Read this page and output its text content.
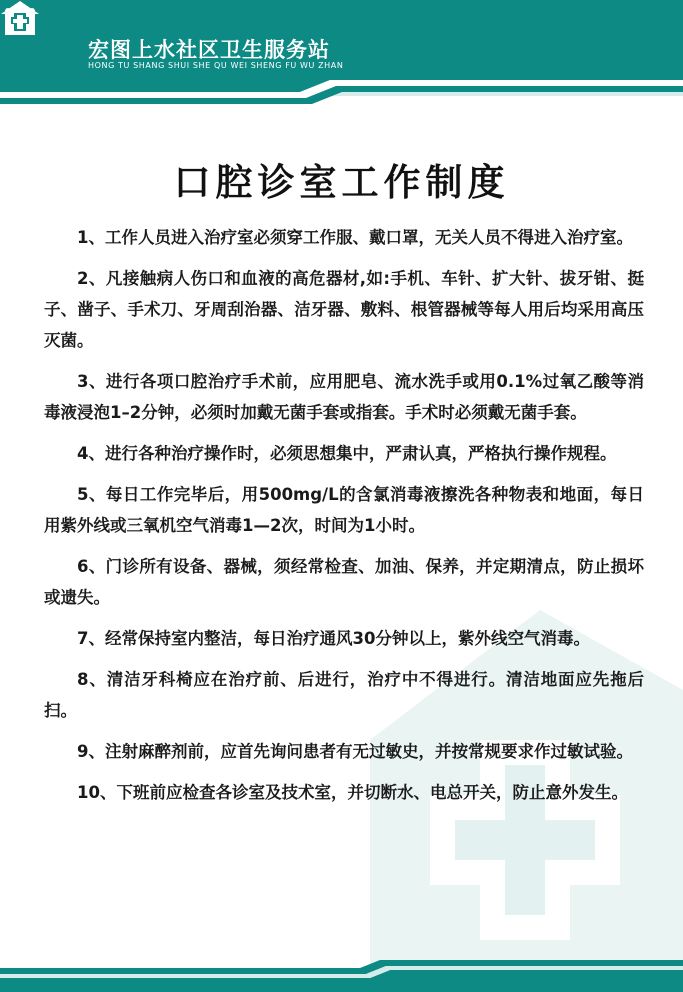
宏图上水社区卫生服务站
HONG TU SHANG SHUI SHE QU WEI SHENG FU WU ZHAN
口腔诊室工作制度

1、工作人员进入治疗室必须穿工作服、戴口罩，无关人员不得进入治疗室。

2、凡接触病人伤口和血液的高危器材,如:手机、车针、扩大针、拔牙钳、挺子、凿子、手术刀、牙周刮治器、洁牙器、敷料、根管器械等每人用后均采用高压灭菌。

3、进行各项口腔治疗手术前，应用肥皂、流水洗手或用0.1%过氧乙酸等消毒液浸泡1–2分钟，必须时加戴无菌手套或指套。手术时必须戴无菌手套。

4、进行各种治疗操作时，必须思想集中，严肃认真，严格执行操作规程。

5、每日工作完毕后，用500mg/L的含氯消毒液擦洗各种物表和地面，每日用紫外线或三氧机空气消毒1—2次，时间为1小时。

6、门诊所有设备、器械，须经常检查、加油、保养，并定期清点，防止损坏或遗失。

7、经常保持室内整洁，每日治疗通风30分钟以上，紫外线空气消毒。

8、清洁牙科椅应在治疗前、后进行，治疗中不得进行。清洁地面应先拖后扫。

9、注射麻醉剂前，应首先询问患者有无过敏史，并按常规要求作过敏试验。

10、下班前应检查各诊室及技术室，并切断水、电总开关，防止意外发生。
